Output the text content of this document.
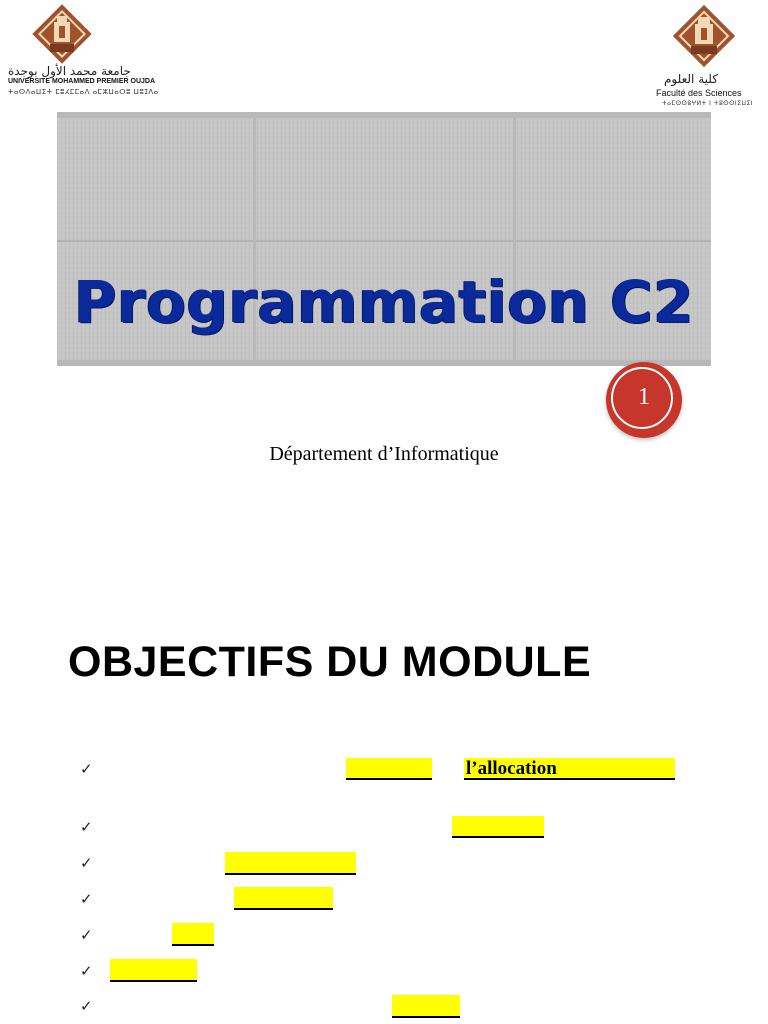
جامعة محمد الأول بوجدة
UNIVERSITE MOHAMMED PREMIER OUJDA
ⵜⴰⵙⴷⴰⵡⵉⵜ ⵎⵓⵃⵎⵎⴰⴷ ⴰⵎⵣⵡⴰⵔⵓ ⵡⵓⵊⴷⴰ
كلية العلوم
Faculté des Sciences
ⵜⴰⵎⵙⵙⵓⵖⵍⵜ ⵏ ⵜⵓⵙⵙⵏⵉⵡⵉⵏ
Programmation C2
1
Département d’Informatique
OBJECTIFS DU MODULE
✓	l’allocation
✓
✓
✓
✓
✓
✓
